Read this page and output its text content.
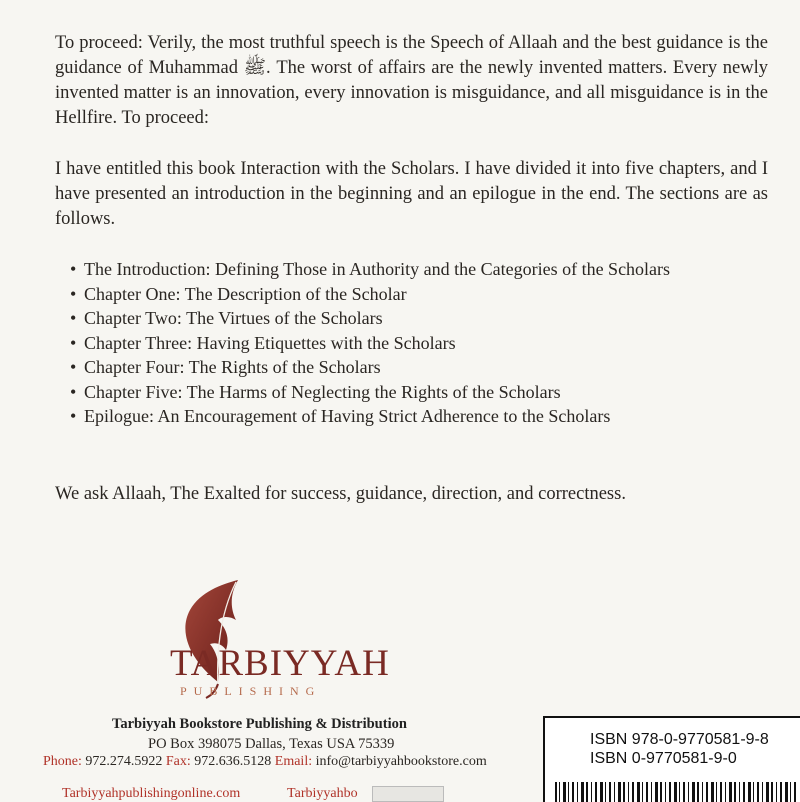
To proceed: Verily, the most truthful speech is the Speech of Allaah and the best guidance is the guidance of Muhammad ﷺ. The worst of affairs are the newly invented matters. Every newly invented matter is an innovation, every innovation is misguidance, and all misguidance is in the Hellfire. To proceed:
I have entitled this book Interaction with the Scholars. I have divided it into five chapters, and I have presented an introduction in the beginning and an epilogue in the end. The sections are as follows.
• The Introduction: Defining Those in Authority and the Categories of the Scholars
• Chapter One: The Description of the Scholar
• Chapter Two: The Virtues of the Scholars
• Chapter Three: Having Etiquettes with the Scholars
• Chapter Four: The Rights of the Scholars
• Chapter Five: The Harms of Neglecting the Rights of the Scholars
• Epilogue: An Encouragement of Having Strict Adherence to the Scholars
We ask Allaah, The Exalted for success, guidance, direction, and correctness.
TARBIYYAH
PUBLISHING
Tarbiyyah Bookstore Publishing & Distribution
PO Box 398075 Dallas, Texas USA 75339
Phone: 972.274.5922 Fax: 972.636.5128 Email: info@tarbiyyahbookstore.com
Tarbiyyahpublishingonline.com	Tarbiyyahbo
ISBN 978-0-9770581-9-8
ISBN 0-9770581-9-0
